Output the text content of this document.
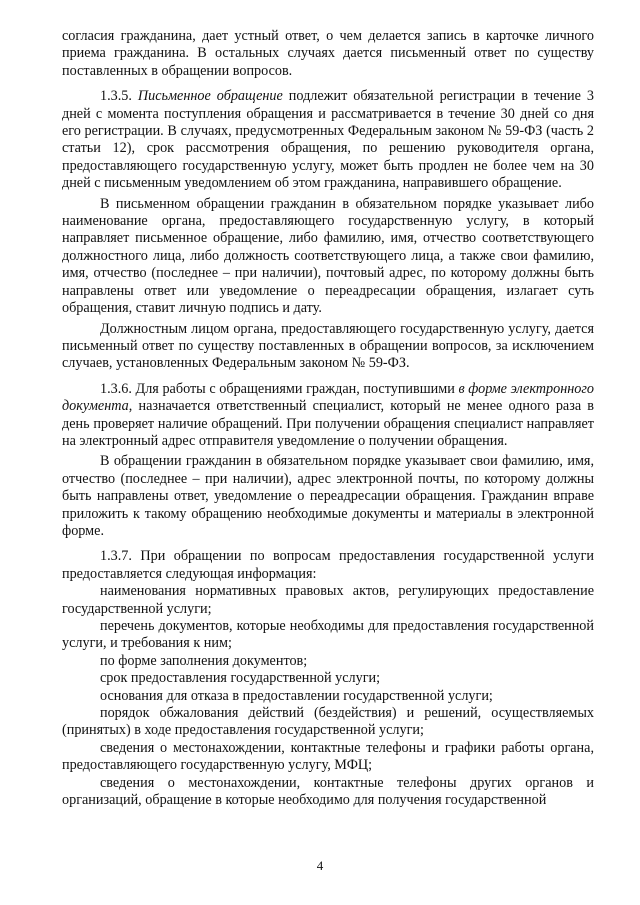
согласия гражданина, дает устный ответ, о чем делается запись в карточке личного приема гражданина. В остальных случаях дается письменный ответ по существу поставленных в обращении вопросов.

1.3.5. Письменное обращение подлежит обязательной регистрации в течение 3 дней с момента поступления обращения и рассматривается в течение 30 дней со дня его регистрации. В случаях, предусмотренных Федеральным законом № 59-ФЗ (часть 2 статьи 12), срок рассмотрения обращения, по решению руководителя органа, предоставляющего государственную услугу, может быть продлен не более чем на 30 дней с письменным уведомлением об этом гражданина, направившего обращение.

В письменном обращении гражданин в обязательном порядке указывает либо наименование органа, предоставляющего государственную услугу, в который направляет письменное обращение, либо фамилию, имя, отчество соответствующего должностного лица, либо должность соответствующего лица, а также свои фамилию, имя, отчество (последнее – при наличии), почтовый адрес, по которому должны быть направлены ответ или уведомление о переадресации обращения, излагает суть обращения, ставит личную подпись и дату.

Должностным лицом органа, предоставляющего государственную услугу, дается письменный ответ по существу поставленных в обращении вопросов, за исключением случаев, установленных Федеральным законом № 59-ФЗ.

1.3.6. Для работы с обращениями граждан, поступившими в форме электронного документа, назначается ответственный специалист, который не менее одного раза в день проверяет наличие обращений. При получении обращения специалист направляет на электронный адрес отправителя уведомление о получении обращения.

В обращении гражданин в обязательном порядке указывает свои фамилию, имя, отчество (последнее – при наличии), адрес электронной почты, по которому должны быть направлены ответ, уведомление о переадресации обращения. Гражданин вправе приложить к такому обращению необходимые документы и материалы в электронной форме.

1.3.7. При обращении по вопросам предоставления государственной услуги предоставляется следующая информация:

наименования нормативных правовых актов, регулирующих предоставление государственной услуги;

перечень документов, которые необходимы для предоставления государственной услуги, и требования к ним;

по форме заполнения документов;

срок предоставления государственной услуги;

основания для отказа в предоставлении государственной услуги;

порядок обжалования действий (бездействия) и решений, осуществляемых (принятых) в ходе предоставления государственной услуги;

сведения о местонахождении, контактные телефоны и графики работы органа, предоставляющего государственную услугу, МФЦ;

сведения о местонахождении, контактные телефоны других органов и организаций, обращение в которые необходимо для получения государственной

4
